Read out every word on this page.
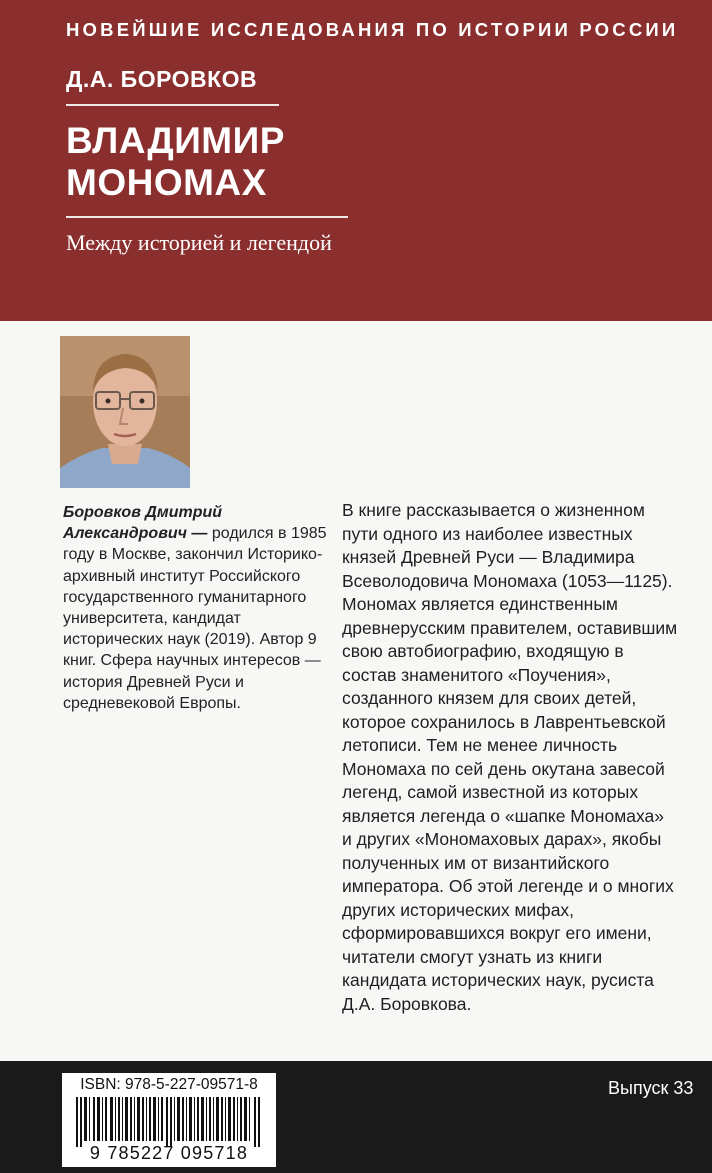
НОВЕЙШИЕ ИССЛЕДОВАНИЯ ПО ИСТОРИИ РОССИИ
Д.А. БОРОВКОВ
ВЛАДИМИР
МОНОМАХ
Между историей и легендой
Боровков Дмитрий Александрович — родился в 1985 году в Москве, закончил Историко-архивный институт Российского государственного гуманитарного университета, кандидат исторических наук (2019). Автор 9 книг. Сфера научных интересов — история Древней Руси и средневековой Европы.
В книге рассказывается о жизненном
пути одного из наиболее известных
князей Древней Руси — Владимира
Всеволодовича Мономаха (1053—1125).
Мономах является единственным
древнерусским правителем, оставившим
свою автобиографию, входящую в
состав знаменитого «Поучения»,
созданного князем для своих детей,
которое сохранилось в Лаврентьевской
летописи. Тем не менее личность
Мономаха по сей день окутана завесой
легенд, самой известной из которых
является легенда о «шапке Мономаха»
и других «Мономаховых дарах», якобы
полученных им от византийского
императора. Об этой легенде и о многих
других исторических мифах,
сформировавшихся вокруг его имени,
читатели смогут узнать из книги
кандидата исторических наук, русиста
Д.А. Боровкова.
ISBN: 978-5-227-09571-8
9 785227 095718
Выпуск 33
